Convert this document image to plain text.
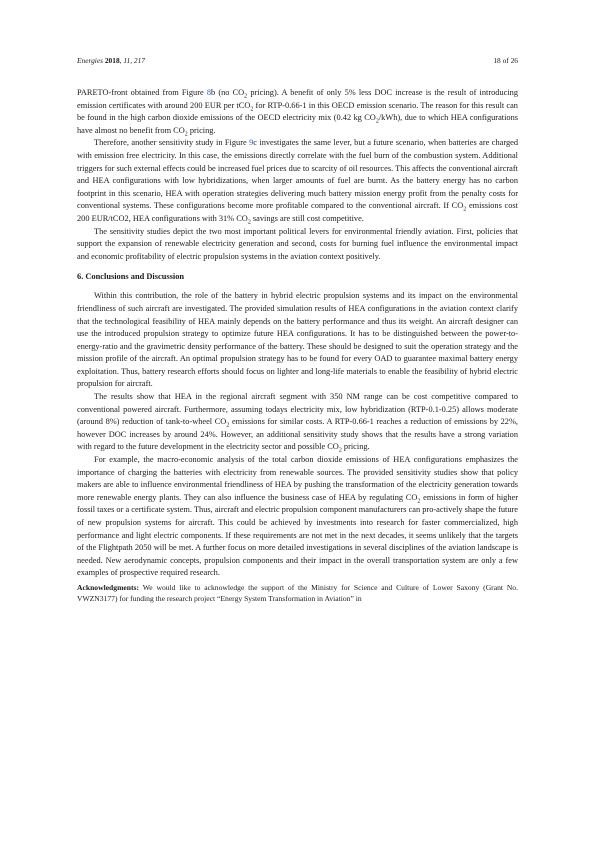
Energies 2018, 11, 217	18 of 26

PARETO-front obtained from Figure 8b (no $CO_2$ pricing). A benefit of only 5% less DOC increase is the result of introducing emission certificates with around 200 EUR per tCO$_2$ for RTP-0.66-1 in this OECD emission scenario. The reason for this result can be found in the high carbon dioxide emissions of the OECD electricity mix (0.42 kg $CO_2/kWh$), due to which HEA configurations have almost no benefit from $CO_2$ pricing.

Therefore, another sensitivity study in Figure 9c investigates the same lever, but a future scenario, when batteries are charged with emission free electricity. In this case, the emissions directly correlate with the fuel burn of the combustion system. Additional triggers for such external effects could be increased fuel prices due to scarcity of oil resources. This affects the conventional aircraft and HEA configurations with low hybridizations, when larger amounts of fuel are burnt. As the battery energy has no carbon footprint in this scenario, HEA with operation strategies delivering much battery mission energy profit from the penalty costs for conventional systems. These configurations become more profitable compared to the conventional aircraft. If $CO_2$ emissions cost 200 EUR/tCO2, HEA configurations with 31% $CO_2$ savings are still cost competitive.

The sensitivity studies depict the two most important political levers for environmental friendly aviation. First, policies that support the expansion of renewable electricity generation and second, costs for burning fuel influence the environmental impact and economic profitability of electric propulsion systems in the aviation context positively.

6. Conclusions and Discussion

Within this contribution, the role of the battery in hybrid electric propulsion systems and its impact on the environmental friendliness of such aircraft are investigated. The provided simulation results of HEA configurations in the aviation context clarify that the technological feasibility of HEA mainly depends on the battery performance and thus its weight. An aircraft designer can use the introduced propulsion strategy to optimize future HEA configurations. It has to be distinguished between the power-to-energy-ratio and the gravimetric density performance of the battery. These should be designed to suit the operation strategy and the mission profile of the aircraft. An optimal propulsion strategy has to be found for every OAD to guarantee maximal battery energy exploitation. Thus, battery research efforts should focus on lighter and long-life materials to enable the feasibility of hybrid electric propulsion for aircraft.

The results show that HEA in the regional aircraft segment with 350 NM range can be cost competitive compared to conventional powered aircraft. Furthermore, assuming todays electricity mix, low hybridization (RTP-0.1-0.25) allows moderate (around 8%) reduction of tank-to-wheel $CO_2$ emissions for similar costs. A RTP-0.66-1 reaches a reduction of emissions by 22%, however DOC increases by around 24%. However, an additional sensitivity study shows that the results have a strong variation with regard to the future development in the electricity sector and possible $CO_2$ pricing.

For example, the macro-economic analysis of the total carbon dioxide emissions of HEA configurations emphasizes the importance of charging the batteries with electricity from renewable sources. The provided sensitivity studies show that policy makers are able to influence environmental friendliness of HEA by pushing the transformation of the electricity generation towards more renewable energy plants. They can also influence the business case of HEA by regulating $CO_2$ emissions in form of higher fossil taxes or a certificate system. Thus, aircraft and electric propulsion component manufacturers can pro-actively shape the future of new propulsion systems for aircraft. This could be achieved by investments into research for faster commercialized, high performance and light electric components. If these requirements are not met in the next decades, it seems unlikely that the targets of the Flightpath 2050 will be met. A further focus on more detailed investigations in several disciplines of the aviation landscape is needed. New aerodynamic concepts, propulsion components and their impact in the overall transportation system are only a few examples of prospective required research.

Acknowledgments: We would like to acknowledge the support of the Ministry for Science and Culture of Lower Saxony (Grant No. VWZN3177) for funding the research project “Energy System Transformation in Aviation” in
